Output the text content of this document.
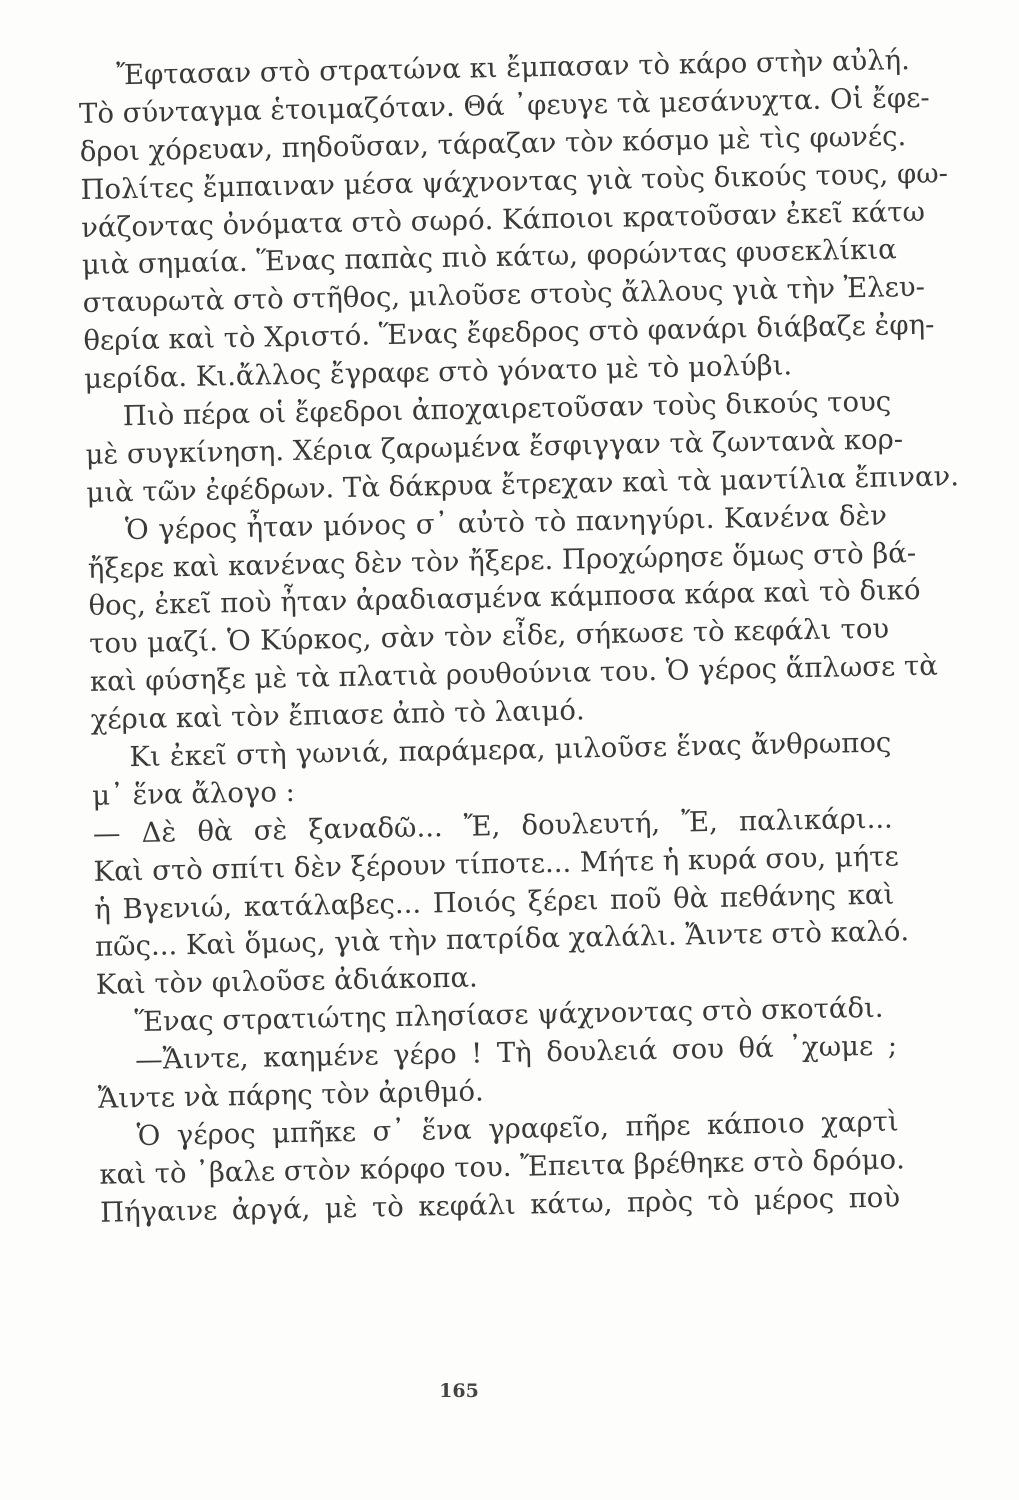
Ἔφτασαν στὸ στρατώνα κι ἔμπασαν τὸ κάρο στὴν αὐλή.
Τὸ σύνταγμα ἑτοιμαζόταν. Θά ᾽φευγε τὰ μεσάνυχτα. Οἱ ἔφε-
δροι χόρευαν, πηδοῦσαν, τάραζαν τὸν κόσμο μὲ τὶς φωνές.
Πολίτες ἔμπαιναν μέσα ψάχνοντας γιὰ τοὺς δικούς τους, φω-
νάζοντας ὀνόματα στὸ σωρό. Κάποιοι κρατοῦσαν ἐκεῖ κάτω
μιὰ σημαία. Ἕνας παπὰς πιὸ κάτω, φορώντας φυσεκλίκια
σταυρωτὰ στὸ στῆθος, μιλοῦσε στοὺς ἄλλους γιὰ τὴν Ἐλευ-
θερία καὶ τὸ Χριστό. Ἕνας ἔφεδρος στὸ φανάρι διάβαζε ἐφη-
μερίδα. Κι.ἄλλος ἔγραφε στὸ γόνατο μὲ τὸ μολύβι.
Πιὸ πέρα οἱ ἔφεδροι ἀποχαιρετοῦσαν τοὺς δικούς τους
μὲ συγκίνηση. Χέρια ζαρωμένα ἔσφιγγαν τὰ ζωντανὰ κορ-
μιὰ τῶν ἐφέδρων. Τὰ δάκρυα ἔτρεχαν καὶ τὰ μαντίλια ἔπιναν.
Ὁ γέρος ἦταν μόνος σ᾽ αὐτὸ τὸ πανηγύρι. Κανένα δὲν
ἤξερε καὶ κανένας δὲν τὸν ἤξερε. Προχώρησε ὅμως στὸ βά-
θος, ἐκεῖ ποὺ ἦταν ἀραδιασμένα κάμποσα κάρα καὶ τὸ δικό
του μαζί. Ὁ Κύρκος, σὰν τὸν εἶδε, σήκωσε τὸ κεφάλι του
καὶ φύσηξε μὲ τὰ πλατιὰ ρουθούνια του. Ὁ γέρος ἅπλωσε τὰ
χέρια καὶ τὸν ἔπιασε ἀπὸ τὸ λαιμό.
Κι ἐκεῖ στὴ γωνιά, παράμερα, μιλοῦσε ἕνας ἄνθρωπος
μ᾽ ἕνα ἄλογο :
— Δὲ θὰ σὲ ξαναδῶ... Ἔ, δουλευτή, Ἔ, παλικάρι...
Καὶ στὸ σπίτι δὲν ξέρουν τίποτε... Μήτε ἡ κυρά σου, μήτε
ἡ Βγενιώ, κατάλαβες... Ποιός ξέρει ποῦ θὰ πεθάνης καὶ
πῶς... Καὶ ὅμως, γιὰ τὴν πατρίδα χαλάλι. Ἄιντε στὸ καλό.
Καὶ τὸν φιλοῦσε ἀδιάκοπα.
Ἕνας στρατιώτης πλησίασε ψάχνοντας στὸ σκοτάδι.
—Ἄιντε, καημένε γέρο ! Τὴ δουλειά σου θά ᾽χωμε ;
Ἄιντε νὰ πάρης τὸν ἀριθμό.
Ὁ γέρος μπῆκε σ᾽ ἕνα γραφεῖο, πῆρε κάποιο χαρτὶ
καὶ τὸ ᾽βαλε στὸν κόρφο του. Ἔπειτα βρέθηκε στὸ δρόμο.
Πήγαινε ἀργά, μὲ τὸ κεφάλι κάτω, πρὸς τὸ μέρος ποὺ
165
